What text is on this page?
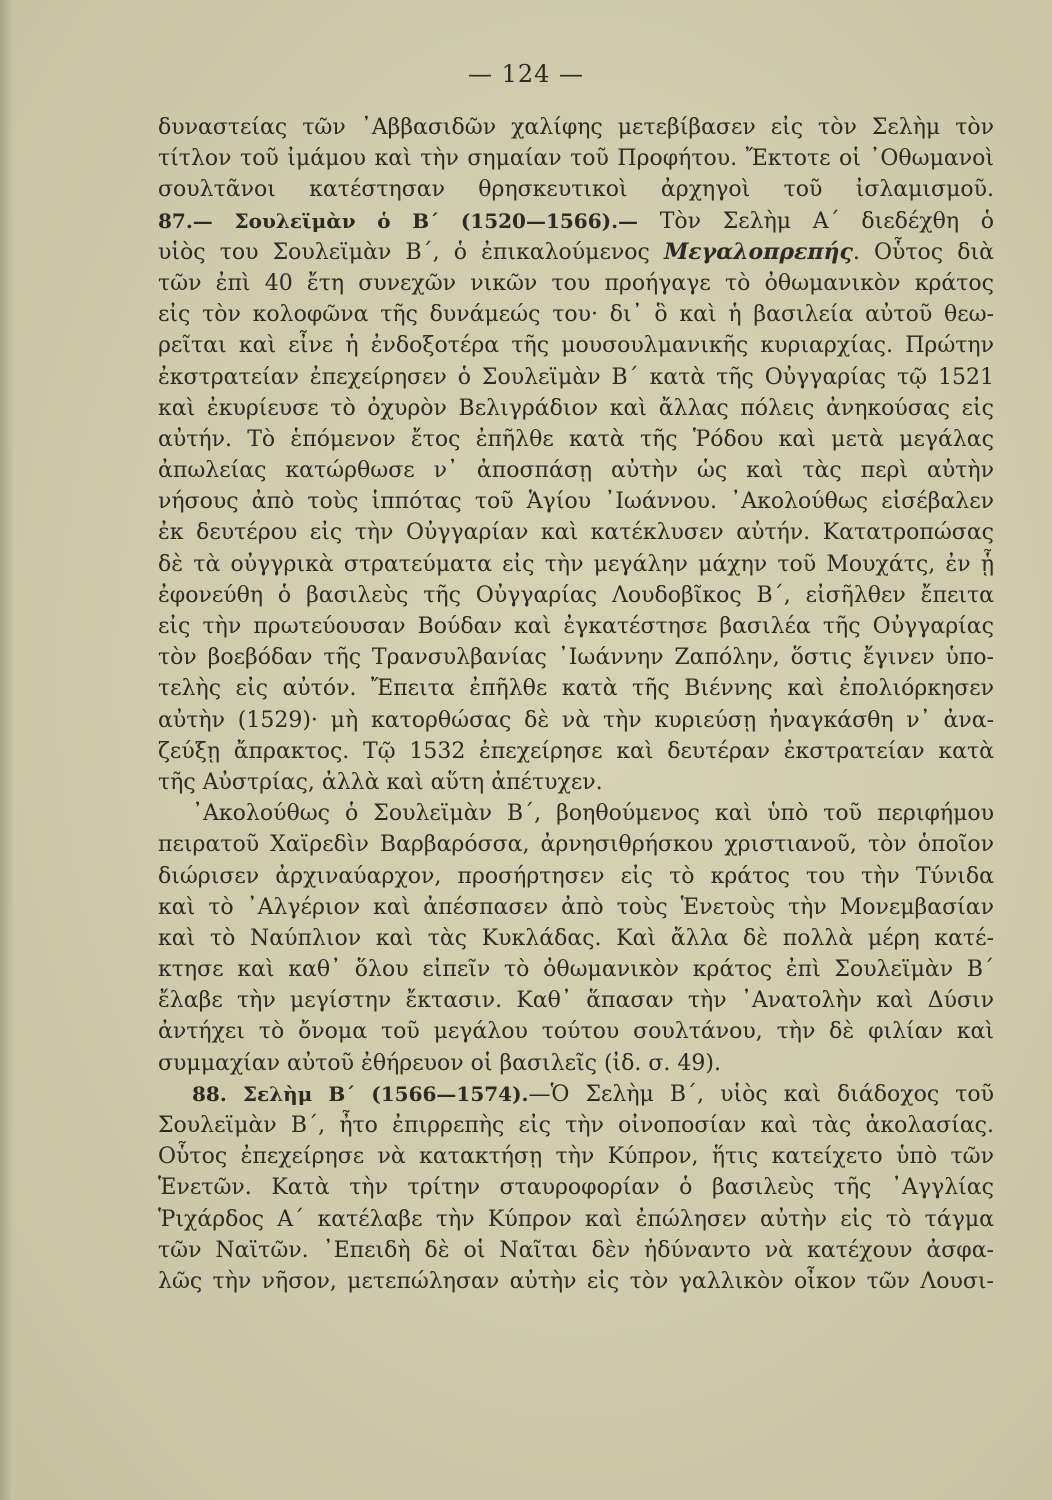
— 124 —
δυναστείας τῶν ᾿Αββασιδῶν χαλίφης μετεβίβασεν εἰς τὸν Σελὴμ τὸν
τίτλον τοῦ ἰμάμου καὶ τὴν σημαίαν τοῦ Προφήτου. Ἔκτοτε οἱ ᾿Οθωμανοὶ
σουλτᾶνοι κατέστησαν θρησκευτικοὶ ἀρχηγοὶ τοῦ ἰσλαμισμοῦ.
87.— Σουλεϊμὰν ὁ Β΄ (1520—1566).— Τὸν Σελὴμ Α΄ διεδέχθη ὁ
υἱὸς του Σουλεϊμὰν Β΄, ὁ ἐπικαλούμενος Μεγαλοπρεπής. Οὗτος διὰ
τῶν ἐπὶ 40 ἔτη συνεχῶν νικῶν του προήγαγε τὸ ὀθωμανικὸν κράτος
εἰς τὸν κολοφῶνα τῆς δυνάμεώς του· δι᾿ ὃ καὶ ἡ βασιλεία αὐτοῦ θεω-
ρεῖται καὶ εἶνε ἡ ἐνδοξοτέρα τῆς μουσουλμανικῆς κυριαρχίας. Πρώτην
ἐκστρατείαν ἐπεχείρησεν ὁ Σουλεϊμὰν Β΄ κατὰ τῆς Οὐγγαρίας τῷ 1521
καὶ ἐκυρίευσε τὸ ὀχυρὸν Βελιγράδιον καὶ ἄλλας πόλεις ἀνηκούσας εἰς
αὐτήν. Τὸ ἑπόμενον ἔτος ἐπῆλθε κατὰ τῆς Ῥόδου καὶ μετὰ μεγάλας
ἀπωλείας κατώρθωσε ν᾿ ἀποσπάσῃ αὐτὴν ὡς καὶ τὰς περὶ αὐτὴν
νήσους ἀπὸ τοὺς ἱππότας τοῦ Ἁγίου ᾿Ιωάννου. ᾿Ακολούθως εἰσέβαλεν
ἐκ δευτέρου εἰς τὴν Οὐγγαρίαν καὶ κατέκλυσεν αὐτήν. Κατατροπώσας
δὲ τὰ οὐγγρικὰ στρατεύματα εἰς τὴν μεγάλην μάχην τοῦ Μουχάτς, ἐν ᾗ
ἐφονεύθη ὁ βασιλεὺς τῆς Οὐγγαρίας Λουδοβῖκος Β΄, εἰσῆλθεν ἔπειτα
εἰς τὴν πρωτεύουσαν Βούδαν καὶ ἐγκατέστησε βασιλέα τῆς Οὐγγαρίας
τὸν βοεβόδαν τῆς Τρανσυλβανίας ᾿Ιωάννην Ζαπόλην, ὅστις ἔγινεν ὑπο-
τελὴς εἰς αὐτόν. Ἔπειτα ἐπῆλθε κατὰ τῆς Βιέννης καὶ ἐπολιόρκησεν
αὐτὴν (1529)· μὴ κατορθώσας δὲ νὰ τὴν κυριεύσῃ ἠναγκάσθη ν᾿ ἀνα-
ζεύξῃ ἄπρακτος. Τῷ 1532 ἐπεχείρησε καὶ δευτέραν ἐκστρατείαν κατὰ
τῆς Αὐστρίας, ἀλλὰ καὶ αὕτη ἀπέτυχεν.
᾿Ακολούθως ὁ Σουλεϊμὰν Β΄, βοηθούμενος καὶ ὑπὸ τοῦ περιφήμου
πειρατοῦ Χαϊρεδὶν Βαρβαρόσσα, ἀρνησιθρήσκου χριστιανοῦ, τὸν ὁποῖον
διώρισεν ἀρχιναύαρχον, προσήρτησεν εἰς τὸ κράτος του τὴν Τύνιδα
καὶ τὸ ᾿Αλγέριον καὶ ἀπέσπασεν ἀπὸ τοὺς Ἑνετοὺς τὴν Μονεμβασίαν
καὶ τὸ Ναύπλιον καὶ τὰς Κυκλάδας. Καὶ ἄλλα δὲ πολλὰ μέρη κατέ-
κτησε καὶ καθ᾿ ὅλου εἰπεῖν τὸ ὀθωμανικὸν κράτος ἐπὶ Σουλεϊμὰν Β΄
ἔλαβε τὴν μεγίστην ἔκτασιν. Καθ᾿ ἅπασαν τὴν ᾿Ανατολὴν καὶ Δύσιν
ἀντήχει τὸ ὄνομα τοῦ μεγάλου τούτου σουλτάνου, τὴν δὲ φιλίαν καὶ
συμμαχίαν αὐτοῦ ἐθήρευον οἱ βασιλεῖς (ἰδ. σ. 49).
88. Σελὴμ Β΄ (1566—1574).—Ὁ Σελὴμ Β΄, υἱὸς καὶ διάδοχος τοῦ
Σουλεϊμὰν Β΄, ἦτο ἐπιρρεπὴς εἰς τὴν οἰνοποσίαν καὶ τὰς ἀκολασίας.
Οὗτος ἐπεχείρησε νὰ κατακτήσῃ τὴν Κύπρον, ἥτις κατείχετο ὑπὸ τῶν
Ἑνετῶν. Κατὰ τὴν τρίτην σταυροφορίαν ὁ βασιλεὺς τῆς ᾿Αγγλίας
Ῥιχάρδος Α΄ κατέλαβε τὴν Κύπρον καὶ ἐπώλησεν αὐτὴν εἰς τὸ τάγμα
τῶν Ναϊτῶν. ᾿Επειδὴ δὲ οἱ Ναῖται δὲν ἠδύναντο νὰ κατέχουν ἀσφα-
λῶς τὴν νῆσον, μετεπώλησαν αὐτὴν εἰς τὸν γαλλικὸν οἶκον τῶν Λουσι-
